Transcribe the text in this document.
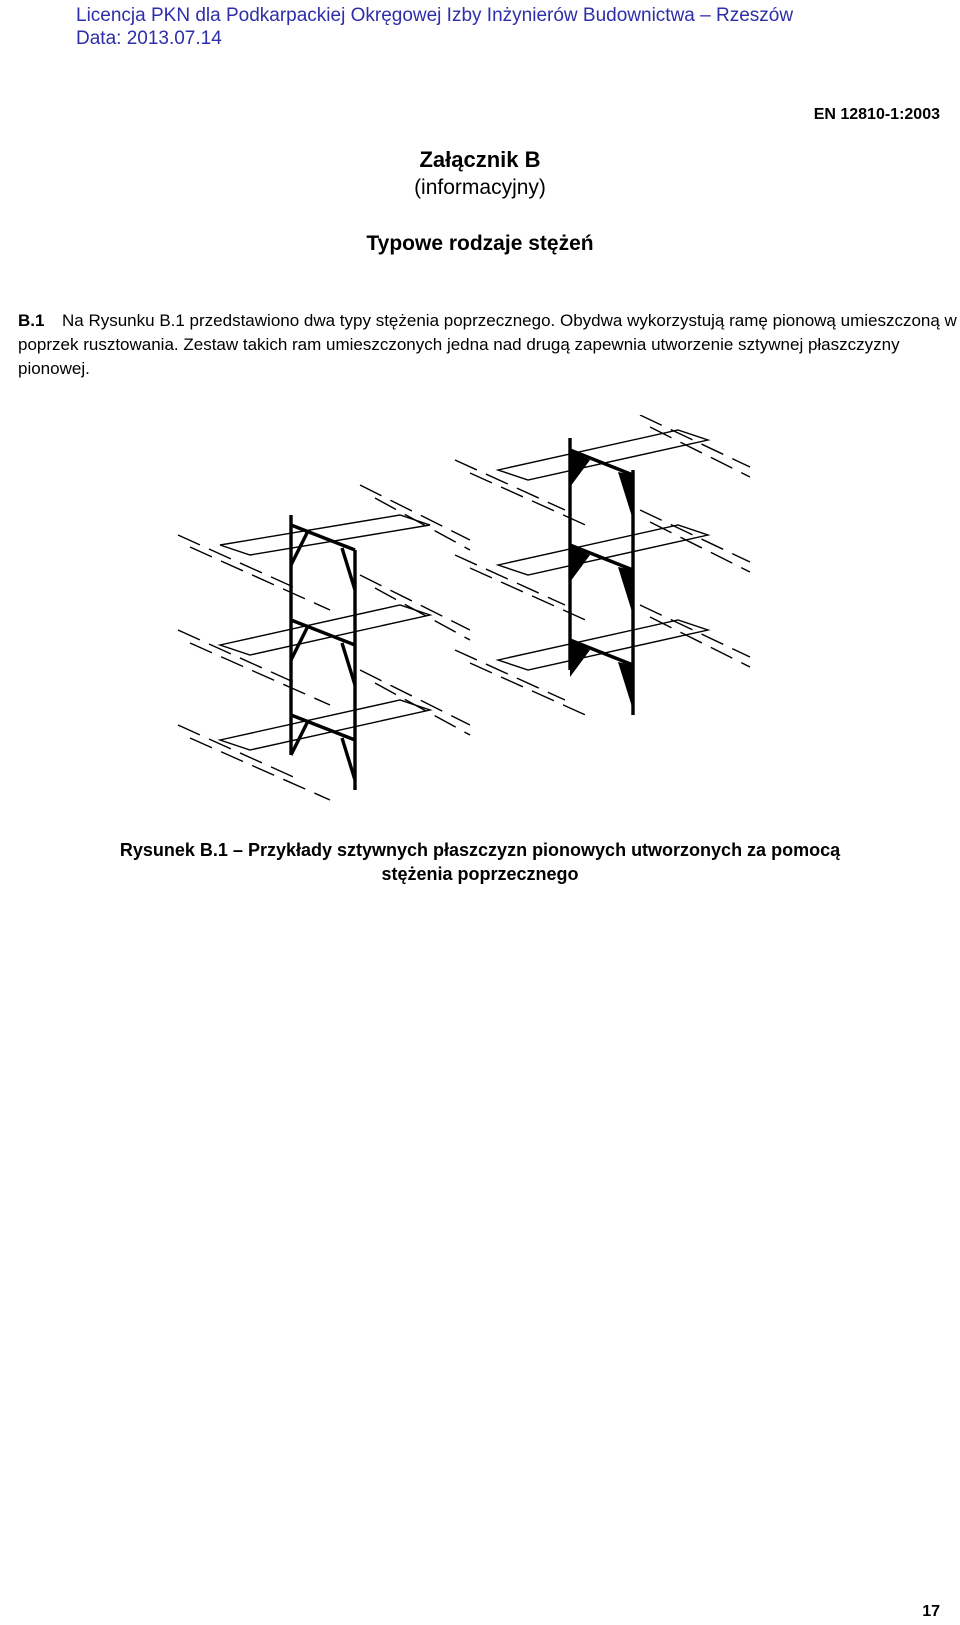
Licencja PKN dla Podkarpackiej Okręgowej Izby Inżynierów Budownictwa – Rzeszów
Data: 2013.07.14
EN 12810-1:2003
Załącznik B
(informacyjny)
Typowe rodzaje stężeń
B.1 Na Rysunku B.1 przedstawiono dwa typy stężenia poprzecznego. Obydwa wykorzystują ramę pionową umieszczoną w poprzek rusztowania. Zestaw takich ram umieszczonych jedna nad drugą zapewnia utworzenie sztywnej płaszczyzny pionowej.
Rysunek B.1 – Przykłady sztywnych płaszczyzn pionowych utworzonych za pomocą
stężenia poprzecznego
17
